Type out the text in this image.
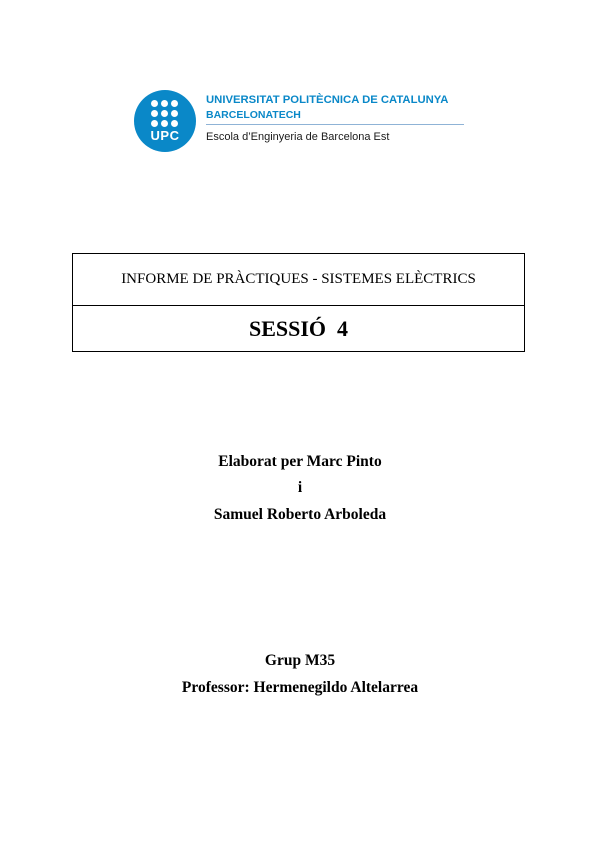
UPC
UNIVERSITAT POLITÈCNICA DE CATALUNYA
BARCELONATECH
Escola d’Enginyeria de Barcelona Est
INFORME DE PRÀCTIQUES - SISTEMES ELÈCTRICS
SESSIÓ  4
Elaborat per Marc Pinto
i
Samuel Roberto Arboleda
Grup M35
Professor: Hermenegildo Altelarrea
